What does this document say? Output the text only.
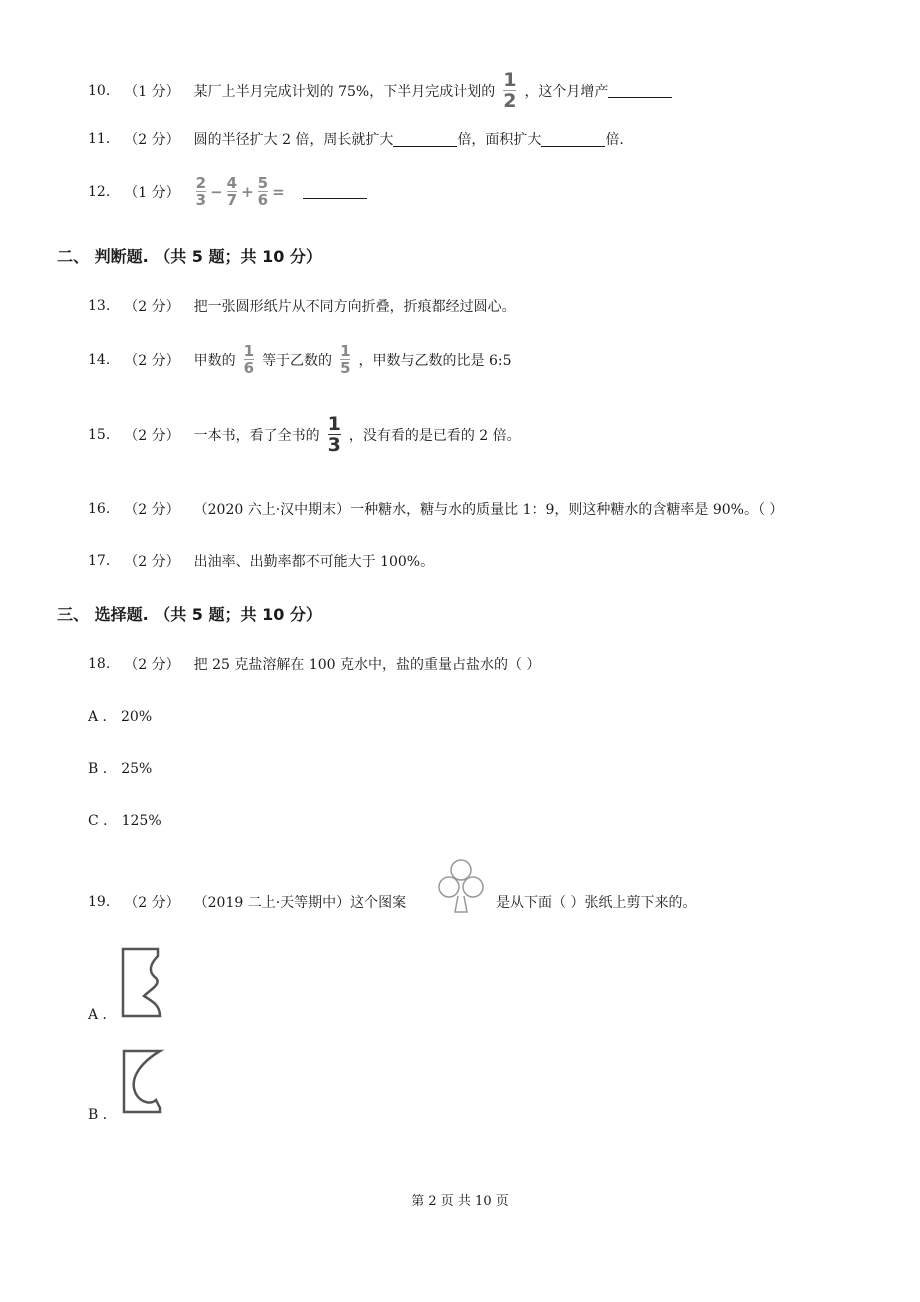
10. （1 分） 某厂上半月完成计划的 75%，下半月完成计划的 $\frac{1}{2}$ ，这个月增产
11. （2 分） 圆的半径扩大 2 倍，周长就扩大	倍，面积扩大	倍.
12. （1 分） $\frac{2}{3} - \frac{4}{7} + \frac{5}{6}$ =
二、 判断题. （共 5 题；共 10 分）
13. （2 分） 把一张圆形纸片从不同方向折叠，折痕都经过圆心。
14. （2 分） 甲数的 $\frac{1}{6}$ 等于乙数的 $\frac{1}{5}$ ，甲数与乙数的比是 6:5
15. （2 分） 一本书，看了全书的 $\frac{1}{3}$ ，没有看的是已看的 2 倍。
16. （2 分） （2020 六上·汉中期末）一种糖水，糖与水的质量比 1：9，则这种糖水的含糖率是 90%。（ ）
17. （2 分） 出油率、出勤率都不可能大于 100%。
三、 选择题. （共 5 题；共 10 分）
18. （2 分） 把 25 克盐溶解在 100 克水中，盐的重量占盐水的（ ）
A ． 20%
B ． 25%
C ． 125%
19. （2 分） （2019 二上·天等期中）这个图案	是从下面（ ）张纸上剪下来的。
A ．
B ．
第 2 页 共 10 页
